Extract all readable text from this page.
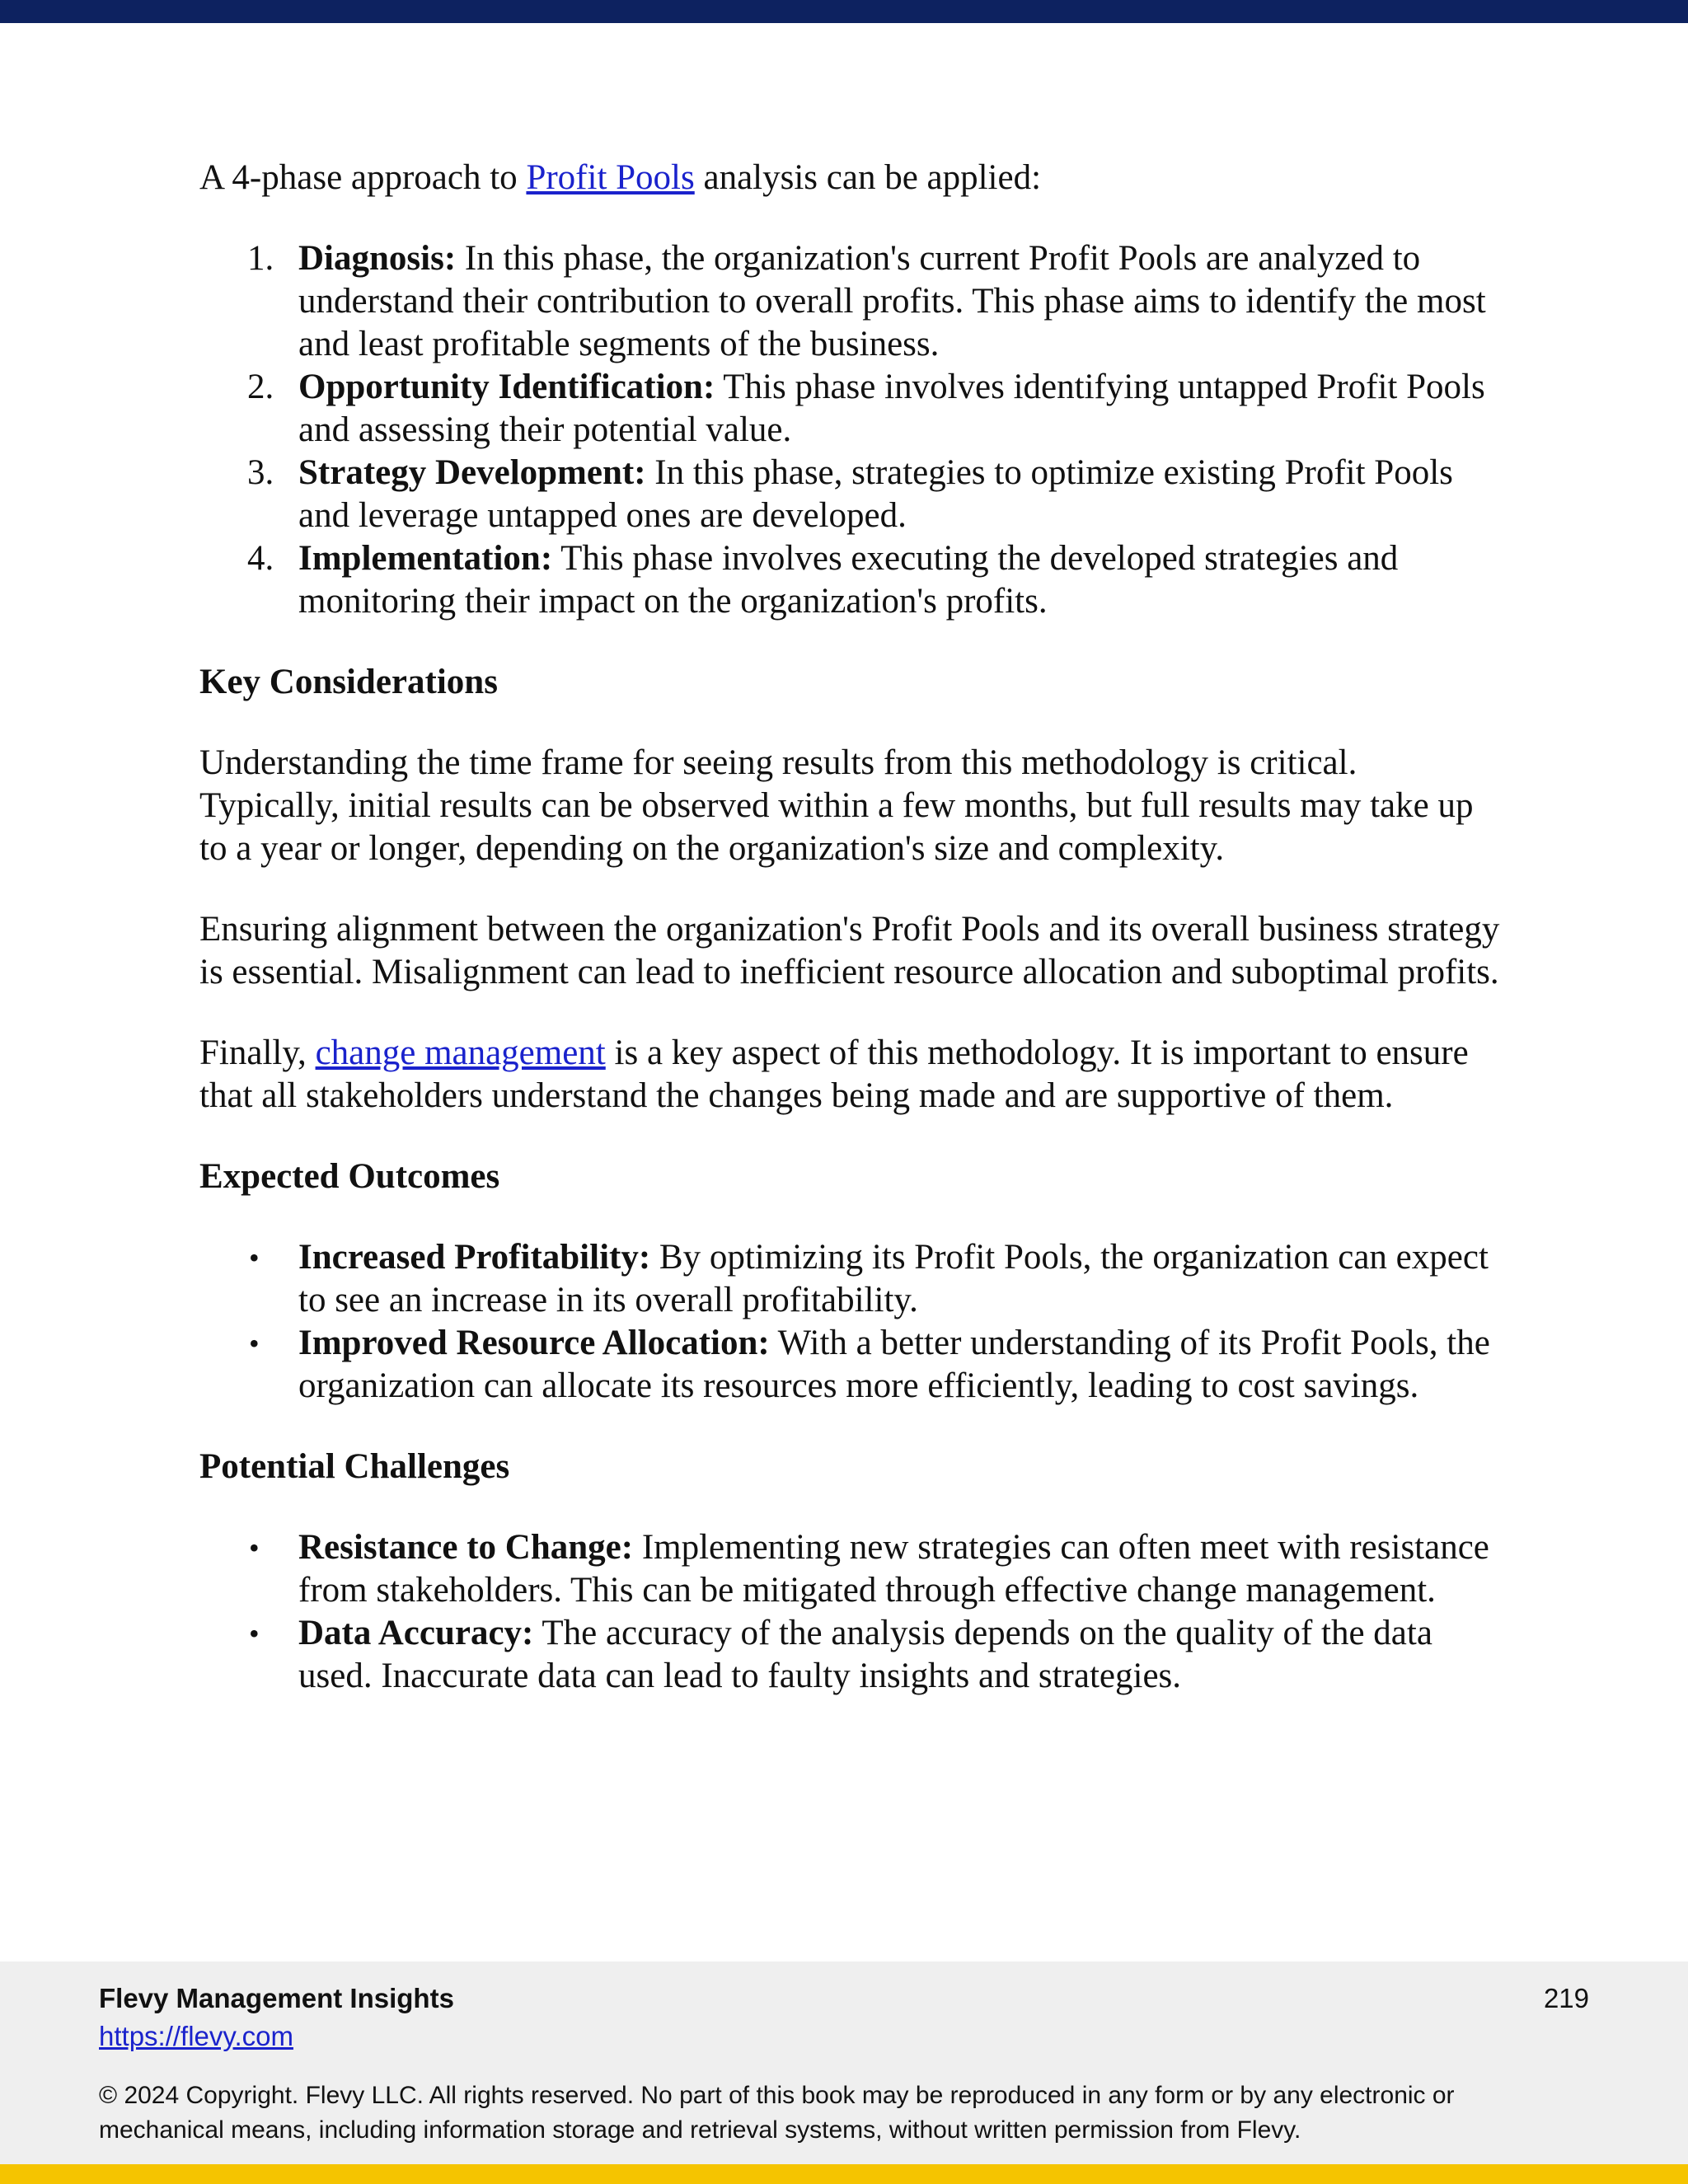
A 4-phase approach to Profit Pools analysis can be applied:

1. Diagnosis: In this phase, the organization's current Profit Pools are analyzed to understand their contribution to overall profits. This phase aims to identify the most and least profitable segments of the business.
2. Opportunity Identification: This phase involves identifying untapped Profit Pools and assessing their potential value.
3. Strategy Development: In this phase, strategies to optimize existing Profit Pools and leverage untapped ones are developed.
4. Implementation: This phase involves executing the developed strategies and monitoring their impact on the organization's profits.

Key Considerations

Understanding the time frame for seeing results from this methodology is critical. Typically, initial results can be observed within a few months, but full results may take up to a year or longer, depending on the organization's size and complexity.

Ensuring alignment between the organization's Profit Pools and its overall business strategy is essential. Misalignment can lead to inefficient resource allocation and suboptimal profits.

Finally, change management is a key aspect of this methodology. It is important to ensure that all stakeholders understand the changes being made and are supportive of them.

Expected Outcomes

• Increased Profitability: By optimizing its Profit Pools, the organization can expect to see an increase in its overall profitability.
• Improved Resource Allocation: With a better understanding of its Profit Pools, the organization can allocate its resources more efficiently, leading to cost savings.

Potential Challenges

• Resistance to Change: Implementing new strategies can often meet with resistance from stakeholders. This can be mitigated through effective change management.
• Data Accuracy: The accuracy of the analysis depends on the quality of the data used. Inaccurate data can lead to faulty insights and strategies.
Flevy Management Insights
https://flevy.com
219
© 2024 Copyright. Flevy LLC. All rights reserved. No part of this book may be reproduced in any form or by any electronic or mechanical means, including information storage and retrieval systems, without written permission from Flevy.
